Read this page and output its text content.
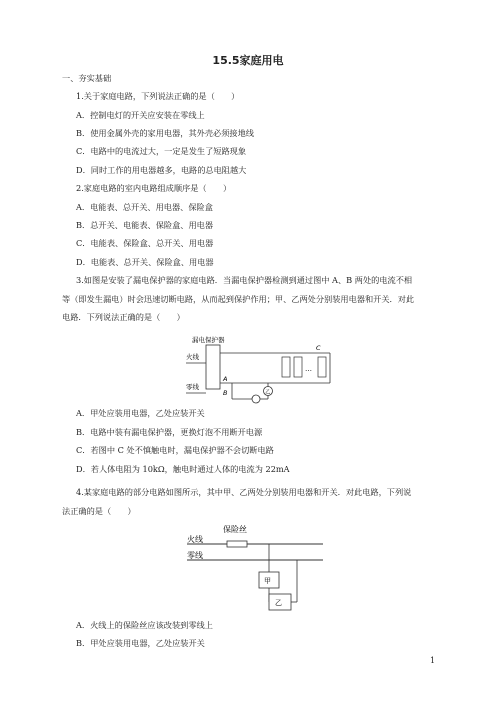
15.5家庭用电
一、夯实基础
1.关于家庭电路，下列说法正确的是（　　）
A．控制电灯的开关应安装在零线上
B．使用金属外壳的家用电器，其外壳必须接地线
C．电路中的电流过大，一定是发生了短路现象
D．同时工作的用电器越多，电路的总电阻越大
2.家庭电路的室内电路组成顺序是（　　）
A．电能表、总开关、用电器、保险盒
B．总开关、电能表、保险盒、用电器
C．电能表、保险盒、总开关、用电器
D．电能表、总开关、保险盒、用电器
3.如图是安装了漏电保护器的家庭电路．当漏电保护器检测到通过图中 A、B 两处的电流不相
等（即发生漏电）时会迅速切断电路，从而起到保护作用；甲、乙两处分别装用电器和开关．对此
电路．下列说法正确的是（　　）
漏电保护器
火线
零线
…
C
A
B	乙
A．甲处应装用电器，乙处应装开关
B．电路中装有漏电保护器，更换灯泡不用断开电源
C．若图中 C 处不慎触电时，漏电保护器不会切断电路
D．若人体电阻为 10kΩ，触电时通过人体的电流为 22mA
4.某家庭电路的部分电路如图所示，其中甲、乙两处分别装用电器和开关．对此电路，下列说
法正确的是（　　）
火线
零线
保险丝
甲
乙
A．火线上的保险丝应该改装到零线上
B．甲处应装用电器，乙处应装开关
1
